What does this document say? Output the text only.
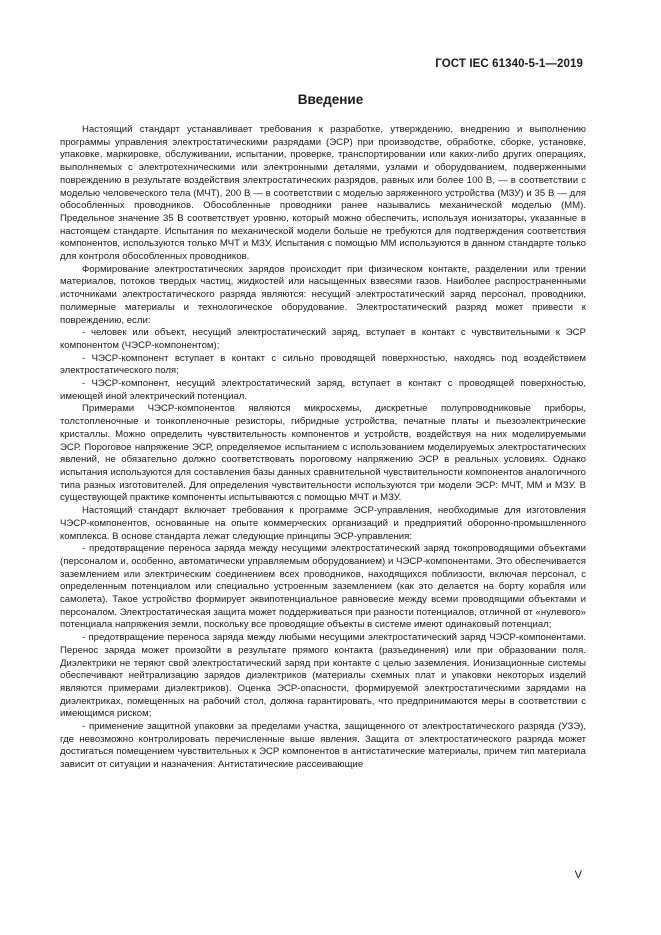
ГОСТ IEC 61340-5-1—2019
Введение

Настоящий стандарт устанавливает требования к разработке, утверждению, внедрению и выполнению программы управления электростатическими разрядами (ЭСР) при производстве, обработке, сборке, установке, упаковке, маркировке, обслуживании, испытании, проверке, транспортировании или каких-либо других операциях, выполняемых с электротехническими или электронными деталями, узлами и оборудованием, подверженными повреждению в результате воздействия электростатических разрядов, равных или более 100 В, — в соответствии с моделью человеческого тела (МЧТ), 200 В — в соответствии с моделью заряженного устройства (МЗУ) и 35 В — для обособленных проводников. Обособленные проводники ранее назывались механической моделью (ММ). Предельное значение 35 В соответствует уровню, который можно обеспечить, используя ионизаторы, указанные в настоящем стандарте. Испытания по механической модели больше не требуются для подтверждения соответствия компонентов, используются только МЧТ и МЗУ. Испытания с помощью ММ используются в данном стандарте только для контроля обособленных проводников.

Формирование электростатических зарядов происходит при физическом контакте, разделении или трении материалов, потоков твердых частиц, жидкостей или насыщенных взвесями газов. Наиболее распространенными источниками электростатического разряда являются: несущий электростатический заряд персонал, проводники, полимерные материалы и технологическое оборудование. Электростатический разряд может привести к повреждению, если:

- человек или объект, несущий электростатический заряд, вступает в контакт с чувствительными к ЭСР компонентом (ЧЭСР-компонентом);

- ЧЭСР-компонент вступает в контакт с сильно проводящей поверхностью, находясь под воздействием электростатического поля;

- ЧЭСР-компонент, несущий электростатический заряд, вступает в контакт с проводящей поверхностью, имеющей иной электрический потенциал.

Примерами ЧЭСР-компонентов являются микросхемы, дискретные полупроводниковые приборы, толстопленочные и тонкопленочные резисторы, гибридные устройства, печатные платы и пьезоэлектрические кристаллы. Можно определить чувствительность компонентов и устройств, воздействуя на них моделируемыми ЭСР. Пороговое напряжение ЭСР, определяемое испытанием с использованием моделируемых электростатических явлений, не обязательно должно соответствовать пороговому напряжению ЭСР в реальных условиях. Однако испытания используются для составления базы данных сравнительной чувствительности компонентов аналогичного типа разных изготовителей. Для определения чувствительности используются три модели ЭСР: МЧТ, ММ и МЗУ. В существующей практике компоненты испытываются с помощью МЧТ и МЗУ.

Настоящий стандарт включает требования к программе ЭСР-управления, необходимые для изготовления ЧЭСР-компонентов, основанные на опыте коммерческих организаций и предприятий оборонно-промышленного комплекса. В основе стандарта лежат следующие принципы ЭСР-управления:

- предотвращение переноса заряда между несущими электростатический заряд токопроводящими объектами (персоналом и, особенно, автоматически управляемым оборудованием) и ЧЭСР-компонентами. Это обеспечивается заземлением или электрическим соединением всех проводников, находящихся поблизости, включая персонал, с определенным потенциалом или специально устроенным заземлением (как это делается на борту корабля или самолета). Такое устройство формирует эквипотенциальное равновесие между всеми проводящими объектами и персоналом. Электростатическая защита может поддерживаться при разности потенциалов, отличной от «нулевого» потенциала напряжения земли, поскольку все проводящие объекты в системе имеют одинаковый потенциал;

- предотвращение переноса заряда между любыми несущими электростатический заряд ЧЭСР-компонентами. Перенос заряда может произойти в результате прямого контакта (разъединения) или при образовании поля. Диэлектрики не теряют свой электростатический заряд при контакте с целью заземления. Ионизационные системы обеспечивают нейтрализацию зарядов диэлектриков (материалы схемных плат и упаковки некоторых изделий являются примерами диэлектриков). Оценка ЭСР-опасности, формируемой электростатическими зарядами на диэлектриках, помещенных на рабочий стол, должна гарантировать, что предпринимаются меры в соответствии с имеющимся риском;

- применение защитной упаковки за пределами участка, защищенного от электростатического разряда (УЗЭ), где невозможно контролировать перечисленные выше явления. Защита от электростатического разряда может достигаться помещением чувствительных к ЭСР компонентов в антистатические материалы, причем тип материала зависит от ситуации и назначения. Антистатические рассеивающие

V
